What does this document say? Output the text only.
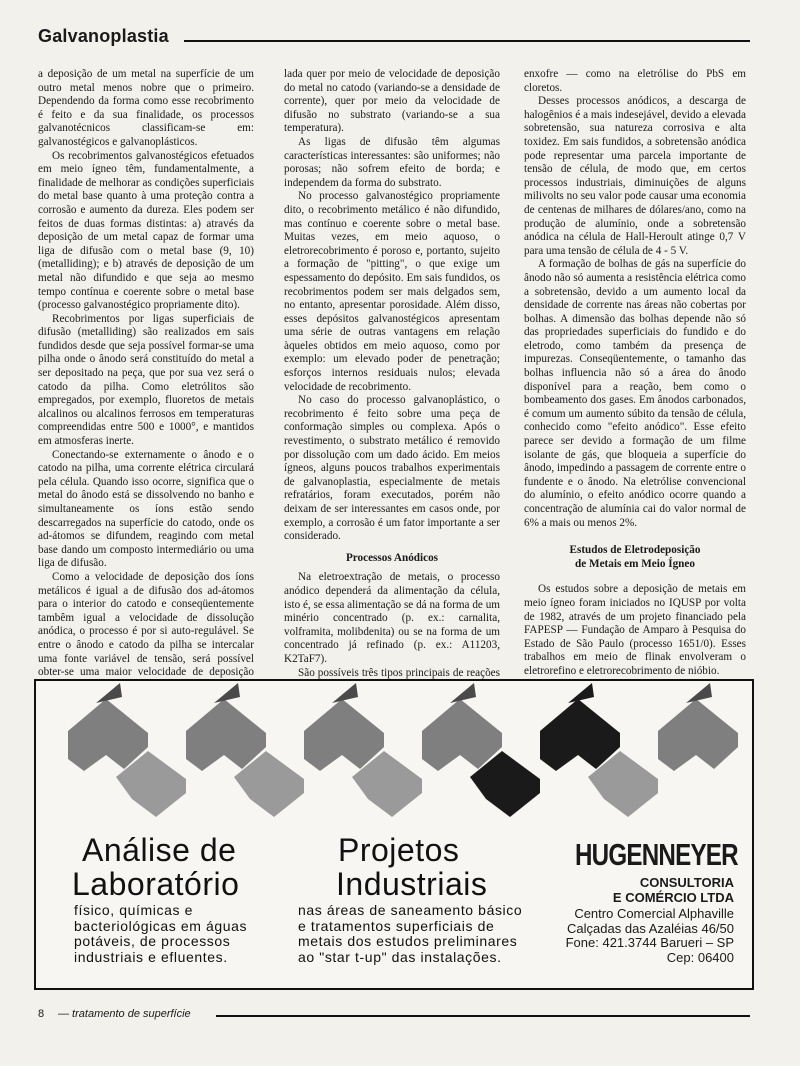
Galvanoplastia

a deposição de um metal na superfície de um outro metal menos nobre que o primeiro. Dependendo da forma como esse recobrimento é feito e da sua finalidade, os processos galvanotécnicos classificam-se em: galvanostégicos e galvanoplásticos.

Os recobrimentos galvanostégicos efetuados em meio ígneo têm, fundamentalmente, a finalidade de melhorar as condições superficiais do metal base quanto à uma proteção contra a corrosão e aumento da dureza. Eles podem ser feitos de duas formas distintas: a) através da deposição de um metal capaz de formar uma liga de difusão com o metal base (9, 10) (metalliding); e b) através de deposição de um metal não difundido e que seja ao mesmo tempo contínua e coerente sobre o metal base (processo galvanostégico propriamente dito).

Recobrimentos por ligas superficiais de difusão (metalliding) são realizados em sais fundidos desde que seja possível formar-se uma pilha onde o ânodo será constituído do metal a ser depositado na peça, que por sua vez será o catodo da pilha. Como eletrólitos são empregados, por exemplo, fluoretos de metais alcalinos ou alcalinos ferrosos em temperaturas compreendidas entre 500 e 1000°, e mantidos em atmosferas inerte.

Conectando-se externamente o ânodo e o catodo na pilha, uma corrente elétrica circulará pela célula. Quando isso ocorre, significa que o metal do ânodo está se dissolvendo no banho e simultaneamente os íons estão sendo descarregados na superfície do catodo, onde os ad-átomos se difundem, reagindo com metal base dando um composto intermediário ou uma liga de difusão.

Como a velocidade de deposição dos íons metálicos é igual a de difusão dos ad-átomos para o interior do catodo e conseqüentemente tambêm igual a velocidade de dissolução anódica, o processo é por si auto-regulável. Se entre o ânodo e catodo da pilha se intercalar uma fonte variável de tensão, será possível obter-se uma maior velocidade de deposição

lada quer por meio de velocidade de deposição do metal no catodo (variando-se a densidade de corrente), quer por meio da velocidade de difusão no substrato (variando-se a sua temperatura).

As ligas de difusão têm algumas características interessantes: são uniformes; não porosas; não sofrem efeito de borda; e independem da forma do substrato.

No processo galvanostégico propriamente dito, o recobrimento metálico é não difundido, mas contínuo e coerente sobre o metal base. Muitas vezes, em meio aquoso, o eletrorecobrimento é poroso e, portanto, sujeito a formação de "pitting", o que exige um espessamento do depósito. Em sais fundidos, os recobrimentos podem ser mais delgados sem, no entanto, apresentar porosidade. Além disso, esses depósitos galvanostégicos apresentam uma série de outras vantagens em relação àqueles obtidos em meio aquoso, como por exemplo: um elevado poder de penetração; esforços internos residuais nulos; elevada velocidade de recobrimento.

No caso do processo galvanoplástico, o recobrimento é feito sobre uma peça de conformação simples ou complexa. Após o revestimento, o substrato metálico é removido por dissolução com um dado ácido. Em meios ígneos, alguns poucos trabalhos experimentais de galvanoplastia, especialmente de metais refratários, foram executados, porém não deixam de ser interessantes em casos onde, por exemplo, a corrosão é um fator importante a ser considerado.

Processos Anódicos

Na eletroextração de metais, o processo anódico dependerá da alimentação da célula, isto é, se essa alimentação se dá na forma de um minério concentrado (p. ex.: carnalita, volframita, molibdenita) ou se na forma de um concentrado já refinado (p. ex.: A11203, K2TaF7).

São possíveis três tipos principais de reações

enxofre — como na eletrólise do PbS em cloretos.

Desses processos anódicos, a descarga de halogênios é a mais indesejável, devido a elevada sobretensão, sua natureza corrosiva e alta toxidez. Em sais fundidos, a sobretensão anódica pode representar uma parcela importante de tensão de célula, de modo que, em certos processos industriais, diminuições de alguns milivolts no seu valor pode causar uma economia de centenas de milhares de dólares/ano, como na produção de alumínio, onde a sobretensão anódica na célula de Hall-Heroult atinge 0,7 V para uma tensão de célula de 4 - 5 V.

A formação de bolhas de gás na superfície do ânodo não só aumenta a resistência elétrica como a sobretensão, devido a um aumento local da densidade de corrente nas áreas não cobertas por bolhas. A dimensão das bolhas depende não só das propriedades superficiais do fundido e do eletrodo, como também da presença de impurezas. Conseqüentemente, o tamanho das bolhas influencia não só a área do ânodo disponível para a reação, bem como o bombeamento dos gases. Em ânodos carbonados, é comum um aumento súbito da tensão de célula, conhecido como "efeito anódico". Esse efeito parece ser devido a formação de um filme isolante de gás, que bloqueia a superfície do ânodo, impedindo a passagem de corrente entre o fundente e o ânodo. Na eletrólise convencional do alumínio, o efeito anódico ocorre quando a concentração de alumínia cai do valor normal de 6% a mais ou menos 2%.

Estudos de Eletrodeposição

de Metais em Meio Ígneo

Os estudos sobre a deposição de metais em meio ígneo foram iniciados no IQUSP por volta de 1982, através de um projeto financiado pela FAPESP — Fundação de Amparo à Pesquisa do Estado de São Paulo (processo 1651/0). Esses trabalhos em meio de flinak envolveram o eletrorefino e eletrorecobrimento de nióbio.

Análise de
Laboratório
físico, químicas e bacteriológicas em águas potáveis, de processos industriais e efluentes.
Projetos
Industriais
nas áreas de saneamento básico e tratamentos superficiais de metais dos estudos preliminares ao "star t-up" das instalações.
HUGENNEYER
CONSULTORIA
E COMÉRCIO LTDA
Centro Comercial Alphaville
Calçadas das Azaléias 46/50
Fone: 421.3744 Barueri – SP
Cep: 06400
8 — tratamento de superfície
